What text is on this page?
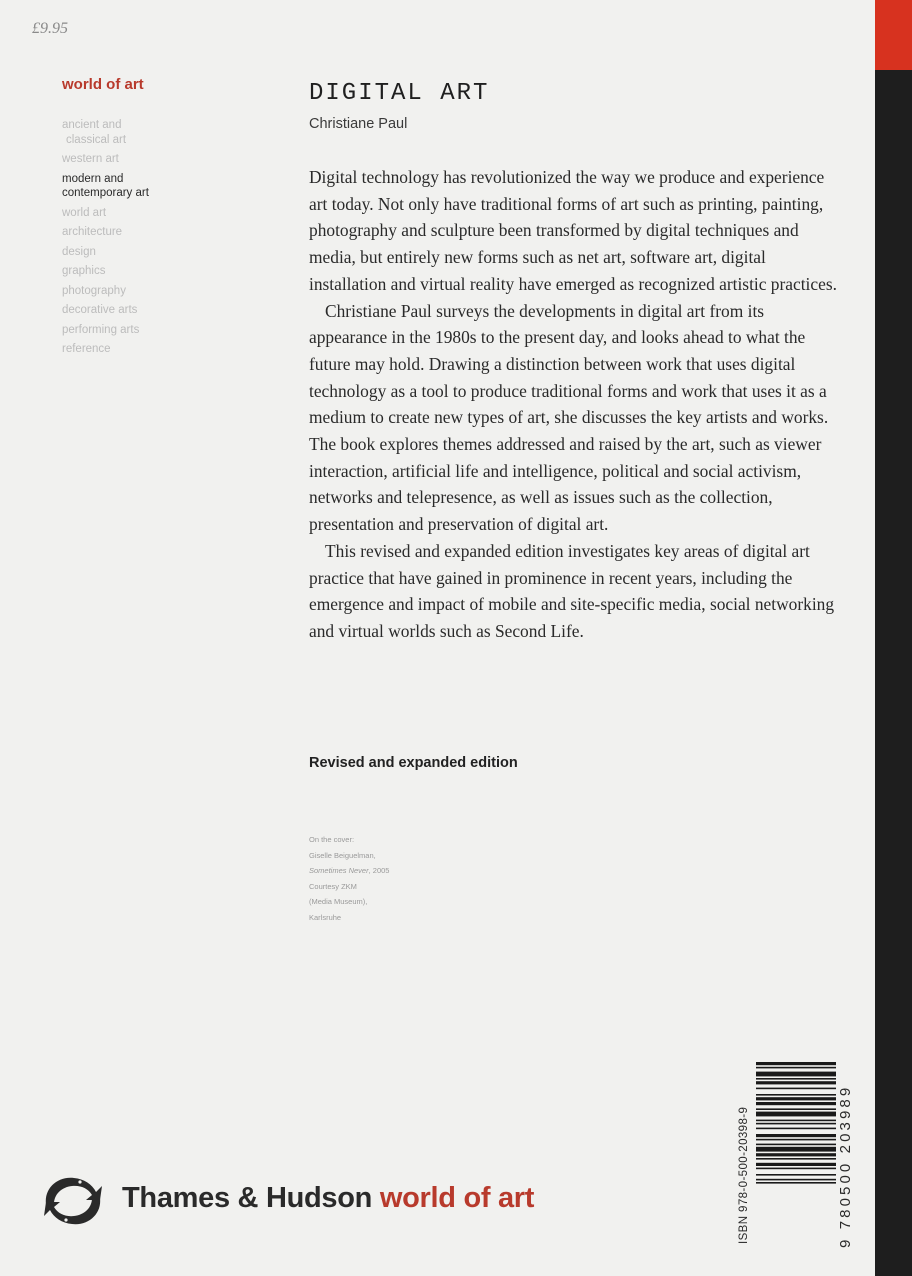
£9.95

world of art
ancient and
classical art
western art
modern and
contemporary art
world art
architecture
design
graphics
photography
decorative arts
performing arts
reference
DIGITAL ART

Christiane Paul

Digital technology has revolutionized the way we produce and experience art today. Not only have traditional forms of art such as printing, painting, photography and sculpture been transformed by digital techniques and media, but entirely new forms such as net art, software art, digital installation and virtual reality have emerged as recognized artistic practices.

Christiane Paul surveys the developments in digital art from its appearance in the 1980s to the present day, and looks ahead to what the future may hold. Drawing a distinction between work that uses digital technology as a tool to produce traditional forms and work that uses it as a medium to create new types of art, she discusses the key artists and works. The book explores themes addressed and raised by the art, such as viewer interaction, artificial life and intelligence, political and social activism, networks and telepresence, as well as issues such as the collection, presentation and preservation of digital art.

This revised and expanded edition investigates key areas of digital art practice that have gained in prominence in recent years, including the emergence and impact of mobile and site-specific media, social networking and virtual worlds such as Second Life.

Revised and expanded edition

On the cover:
Giselle Beiguelman,
Sometimes Never, 2005
Courtesy ZKM
(Media Museum),
Karlsruhe

Thames & Hudson world of art	ISBN 978-0-500-20398-9	9 780500 203989
